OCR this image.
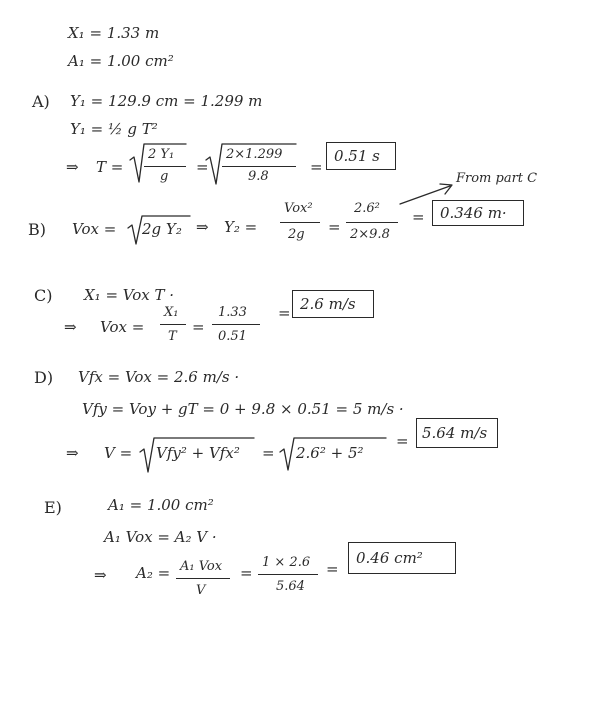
X₁ = 1.33 m
A₁ = 1.00 cm²
A) Y₁ = 129.9 cm = 1.299 m
Y₁ = ½ g T²
⇒ T =
2 Y₁
g
=
2×1.299
9.8
=
0.51 s
B) Vox = 2g Y₂ ⇒ Y₂ =
Vox²
2g =
2.6²
2×9.8
= 0.346 m·
From part C
C) X₁ = Vox T ·
⇒ Vox =
X₁
T
=
1.33
0.51
= 2.6 m/s
D) Vfx = Vox = 2.6 m/s ·
Vfy = Voy + gT = 0 + 9.8 × 0.51 = 5 m/s ·
⇒ V = Vfy² + Vfx² = 2.6² + 5²
= 5.64 m/s
E)	A₁ = 1.00 cm²
A₁ Vox = A₂ V ·
⇒ A₂ = A₁ Vox
V
=
1 × 2.6
5.64
=
0.46 cm²
